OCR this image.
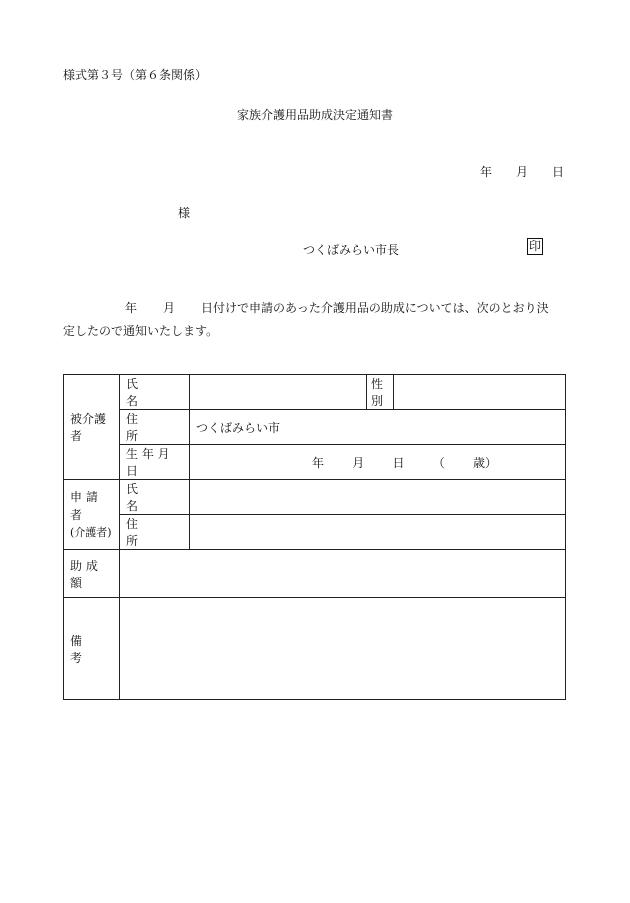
様式第３号（第６条関係）
家族介護用品助成決定通知書
年 月 日
様
つくばみらい市長	印
年 月 日付けで申請のあった介護用品の助成については、次のとおり決
定したので通知いたします。
被介護者	氏　　　名		性別	
	住　　　所	つくばみらい市		
	生 年 月 日	年 月 日 （ 歳）		

申 請 者
(介護者)	氏　　　名			
	住　　　所			
助 成 額				
備　　考				
